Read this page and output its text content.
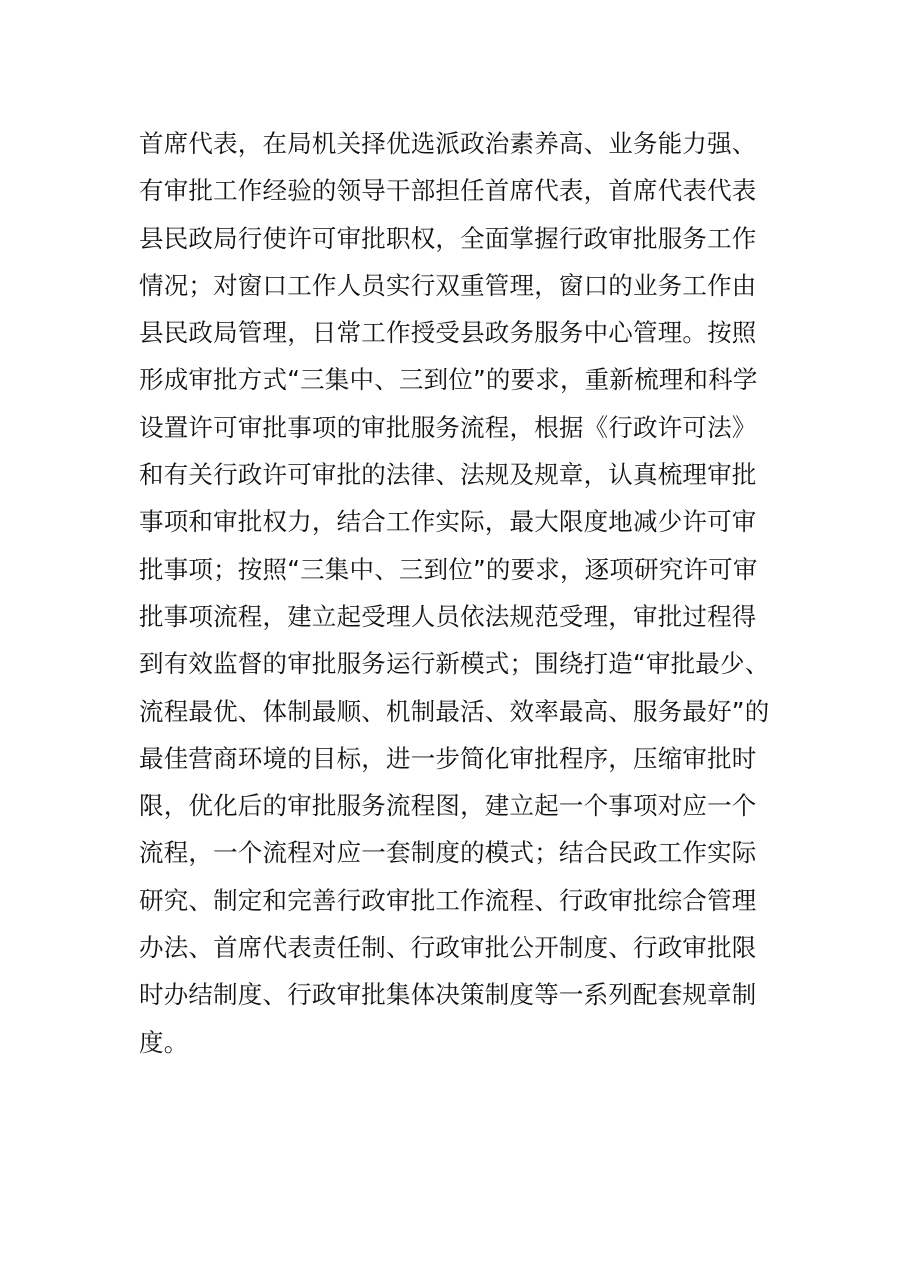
首席代表，在局机关择优选派政治素养高、业务能力强、
有审批工作经验的领导干部担任首席代表，首席代表代表
县民政局行使许可审批职权，全面掌握行政审批服务工作
情况；对窗口工作人员实行双重管理，窗口的业务工作由
县民政局管理，日常工作授受县政务服务中心管理。按照
形成审批方式“三集中、三到位”的要求，重新梳理和科学
设置许可审批事项的审批服务流程，根据《行政许可法》
和有关行政许可审批的法律、法规及规章，认真梳理审批
事项和审批权力，结合工作实际，最大限度地减少许可审
批事项；按照“三集中、三到位”的要求，逐项研究许可审
批事项流程，建立起受理人员依法规范受理，审批过程得
到有效监督的审批服务运行新模式；围绕打造“审批最少、
流程最优、体制最顺、机制最活、效率最高、服务最好”的
最佳营商环境的目标，进一步简化审批程序，压缩审批时
限，优化后的审批服务流程图，建立起一个事项对应一个
流程，一个流程对应一套制度的模式；结合民政工作实际
研究、制定和完善行政审批工作流程、行政审批综合管理
办法、首席代表责任制、行政审批公开制度、行政审批限
时办结制度、行政审批集体决策制度等一系列配套规章制
度。
